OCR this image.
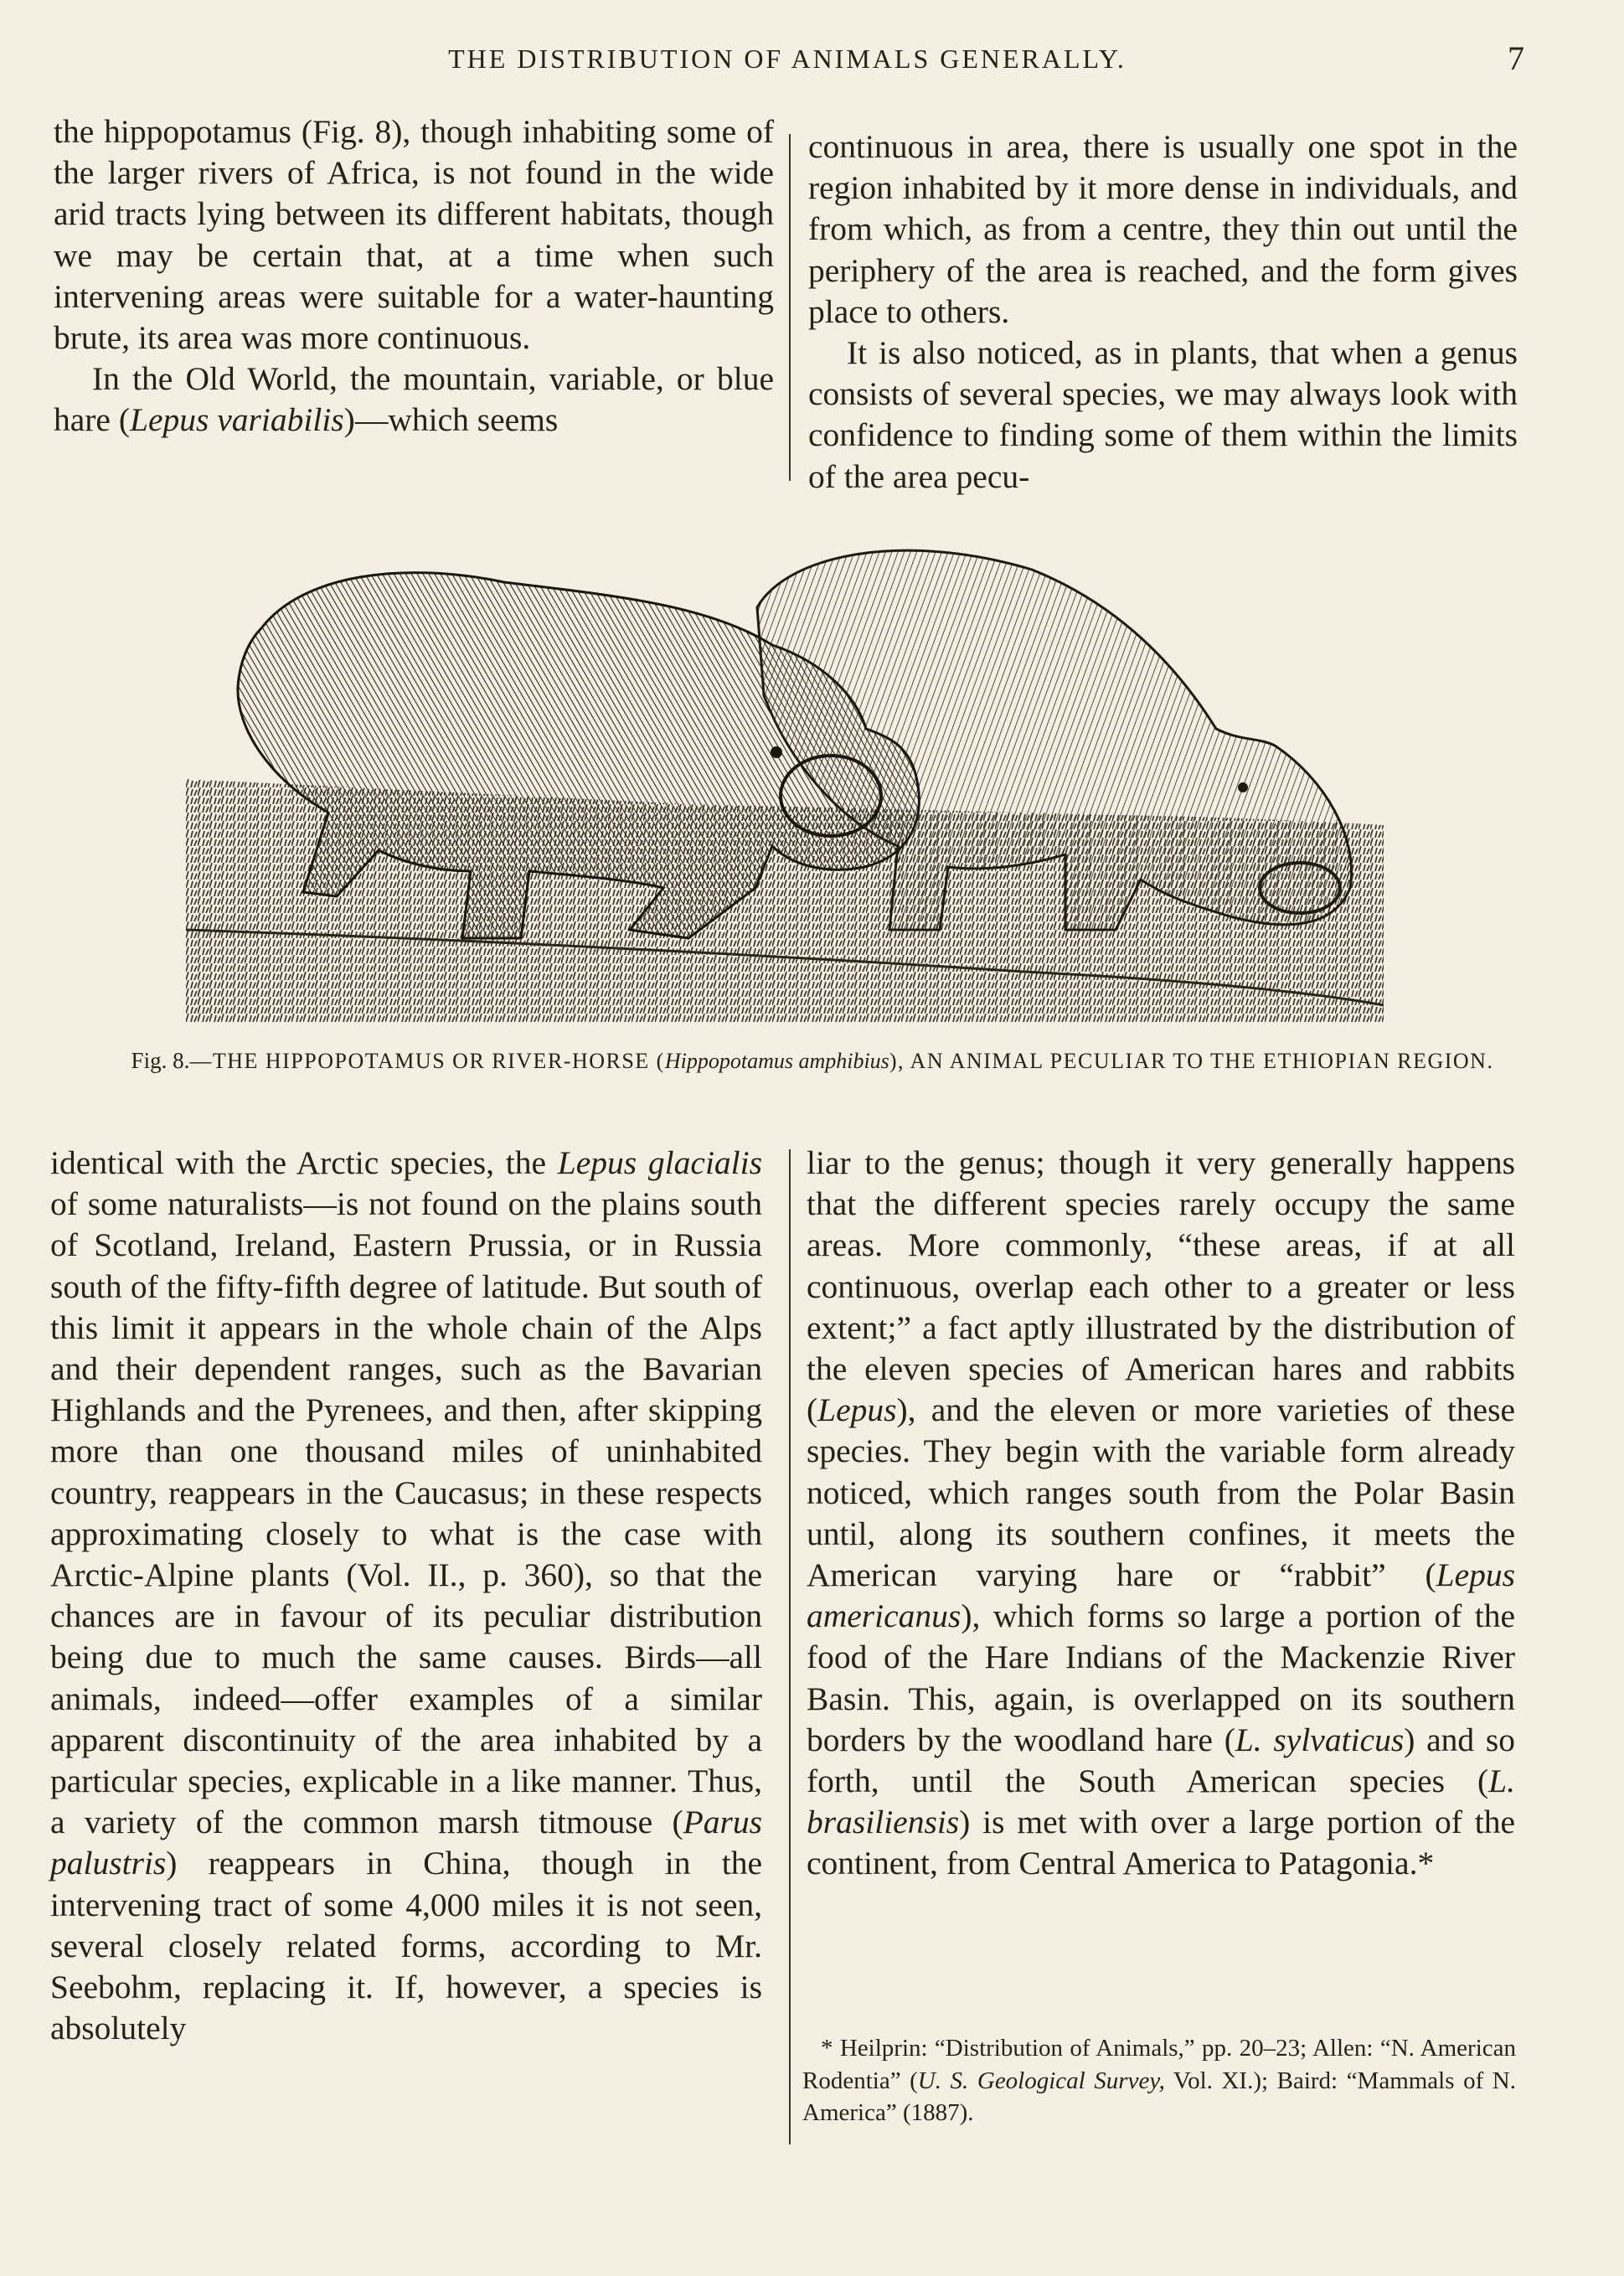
THE DISTRIBUTION OF ANIMALS GENERALLY.	7

the hippopotamus (Fig. 8), though inhabiting some of the larger rivers of Africa, is not found in the wide arid tracts lying between its different habitats, though we may be certain that, at a time when such intervening areas were suitable for a water-haunting brute, its area was more continuous.

In the Old World, the mountain, variable, or blue hare (Lepus variabilis)—which seems

continuous in area, there is usually one spot in the region inhabited by it more dense in individuals, and from which, as from a centre, they thin out until the periphery of the area is reached, and the form gives place to others.

It is also noticed, as in plants, that when a genus consists of several species, we may always look with confidence to finding some of them within the limits of the area pecu-

Fig. 8.—THE HIPPOPOTAMUS OR RIVER-HORSE (Hippopotamus amphibius), AN ANIMAL PECULIAR TO THE ETHIOPIAN REGION.

identical with the Arctic species, the Lepus glacialis of some naturalists—is not found on the plains south of Scotland, Ireland, Eastern Prussia, or in Russia south of the fifty-fifth degree of latitude. But south of this limit it appears in the whole chain of the Alps and their dependent ranges, such as the Bavarian Highlands and the Pyrenees, and then, after skipping more than one thousand miles of uninhabited country, reappears in the Caucasus; in these respects approximating closely to what is the case with Arctic-Alpine plants (Vol. II., p. 360), so that the chances are in favour of its peculiar distribution being due to much the same causes. Birds—all animals, indeed—offer examples of a similar apparent discontinuity of the area inhabited by a particular species, explicable in a like manner. Thus, a variety of the common marsh titmouse (Parus palustris) reappears in China, though in the intervening tract of some 4,000 miles it is not seen, several closely related forms, according to Mr. Seebohm, replacing it. If, however, a species is absolutely

liar to the genus; though it very generally happens that the different species rarely occupy the same areas. More commonly, “these areas, if at all continuous, overlap each other to a greater or less extent;” a fact aptly illustrated by the distribution of the eleven species of American hares and rabbits (Lepus), and the eleven or more varieties of these species. They begin with the variable form already noticed, which ranges south from the Polar Basin until, along its southern confines, it meets the American varying hare or “rabbit” (Lepus americanus), which forms so large a portion of the food of the Hare Indians of the Mackenzie River Basin. This, again, is overlapped on its southern borders by the woodland hare (L. sylvaticus) and so forth, until the South American species (L. brasiliensis) is met with over a large portion of the continent, from Central America to Patagonia.*

* Heilprin: “Distribution of Animals,” pp. 20–23; Allen: “N. American Rodentia” (U. S. Geological Survey, Vol. XI.); Baird: “Mammals of N. America” (1887).
